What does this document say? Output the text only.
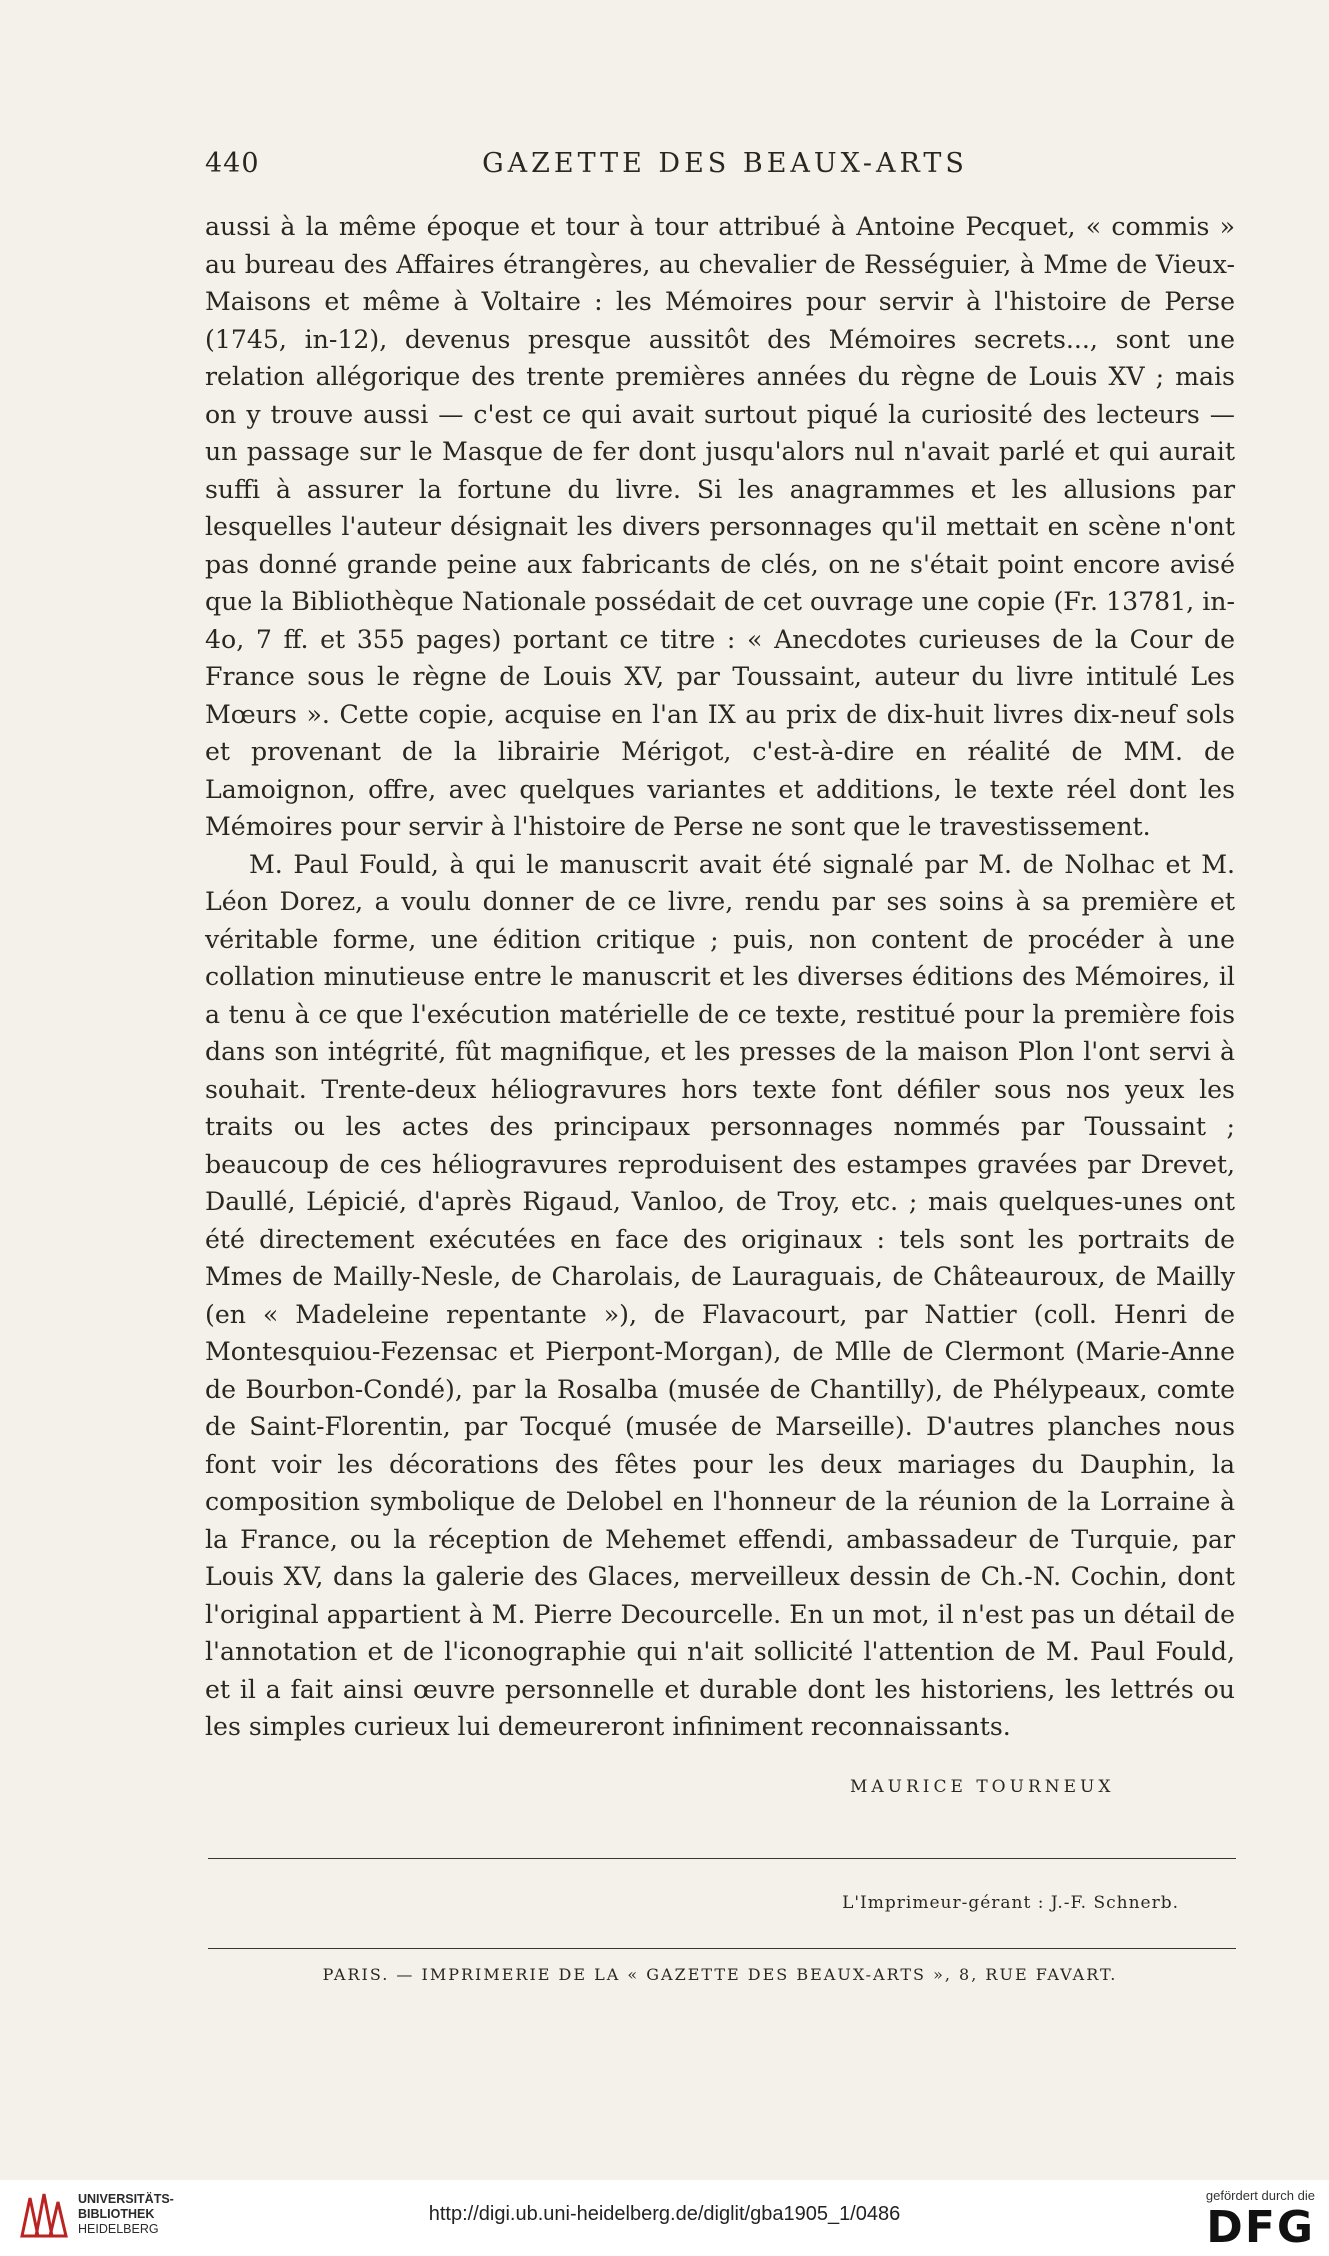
440	GAZETTE DES BEAUX-ARTS

aussi à la même époque et tour à tour attribué à Antoine Pecquet, « commis » au bureau des Affaires étrangères, au chevalier de Rességuier, à Mme de Vieux-Maisons et même à Voltaire : les Mémoires pour servir à l'histoire de Perse (1745, in-12), devenus presque aussitôt des Mémoires secrets..., sont une relation allégorique des trente premières années du règne de Louis XV ; mais on y trouve aussi — c'est ce qui avait surtout piqué la curiosité des lecteurs — un passage sur le Masque de fer dont jusqu'alors nul n'avait parlé et qui aurait suffi à assurer la fortune du livre. Si les anagrammes et les allusions par lesquelles l'auteur désignait les divers personnages qu'il mettait en scène n'ont pas donné grande peine aux fabricants de clés, on ne s'était point encore avisé que la Bibliothèque Nationale possédait de cet ouvrage une copie (Fr. 13781, in-4o, 7 ff. et 355 pages) portant ce titre : « Anecdotes curieuses de la Cour de France sous le règne de Louis XV, par Toussaint, auteur du livre intitulé Les Mœurs ». Cette copie, acquise en l'an IX au prix de dix-huit livres dix-neuf sols et provenant de la librairie Mérigot, c'est-à-dire en réalité de MM. de Lamoignon, offre, avec quelques variantes et additions, le texte réel dont les Mémoires pour servir à l'histoire de Perse ne sont que le travestissement.

M. Paul Fould, à qui le manuscrit avait été signalé par M. de Nolhac et M. Léon Dorez, a voulu donner de ce livre, rendu par ses soins à sa première et véritable forme, une édition critique ; puis, non content de procéder à une collation minutieuse entre le manuscrit et les diverses éditions des Mémoires, il a tenu à ce que l'exécution matérielle de ce texte, restitué pour la première fois dans son intégrité, fût magnifique, et les presses de la maison Plon l'ont servi à souhait. Trente-deux héliogravures hors texte font défiler sous nos yeux les traits ou les actes des principaux personnages nommés par Toussaint ; beaucoup de ces héliogravures reproduisent des estampes gravées par Drevet, Daullé, Lépicié, d'après Rigaud, Vanloo, de Troy, etc. ; mais quelques-unes ont été directement exécutées en face des originaux : tels sont les portraits de Mmes de Mailly-Nesle, de Charolais, de Lauraguais, de Châteauroux, de Mailly (en « Madeleine repentante »), de Flavacourt, par Nattier (coll. Henri de Montesquiou-Fezensac et Pierpont-Morgan), de Mlle de Clermont (Marie-Anne de Bourbon-Condé), par la Rosalba (musée de Chantilly), de Phélypeaux, comte de Saint-Florentin, par Tocqué (musée de Marseille). D'autres planches nous font voir les décorations des fêtes pour les deux mariages du Dauphin, la composition symbolique de Delobel en l'honneur de la réunion de la Lorraine à la France, ou la réception de Mehemet effendi, ambassadeur de Turquie, par Louis XV, dans la galerie des Glaces, merveilleux dessin de Ch.-N. Cochin, dont l'original appartient à M. Pierre Decourcelle. En un mot, il n'est pas un détail de l'annotation et de l'iconographie qui n'ait sollicité l'attention de M. Paul Fould, et il a fait ainsi œuvre personnelle et durable dont les historiens, les lettrés ou les simples curieux lui demeureront infiniment reconnaissants.

MAURICE TOURNEUX
L'Imprimeur-gérant : J.-F. Schnerb.
PARIS. — IMPRIMERIE DE LA « GAZETTE DES BEAUX-ARTS », 8, RUE FAVART.
UNIVERSITÄTS-
BIBLIOTHEK
HEIDELBERG
http://digi.ub.uni-heidelberg.de/diglit/gba1905_1/0486
gefördert durch die
DFG
